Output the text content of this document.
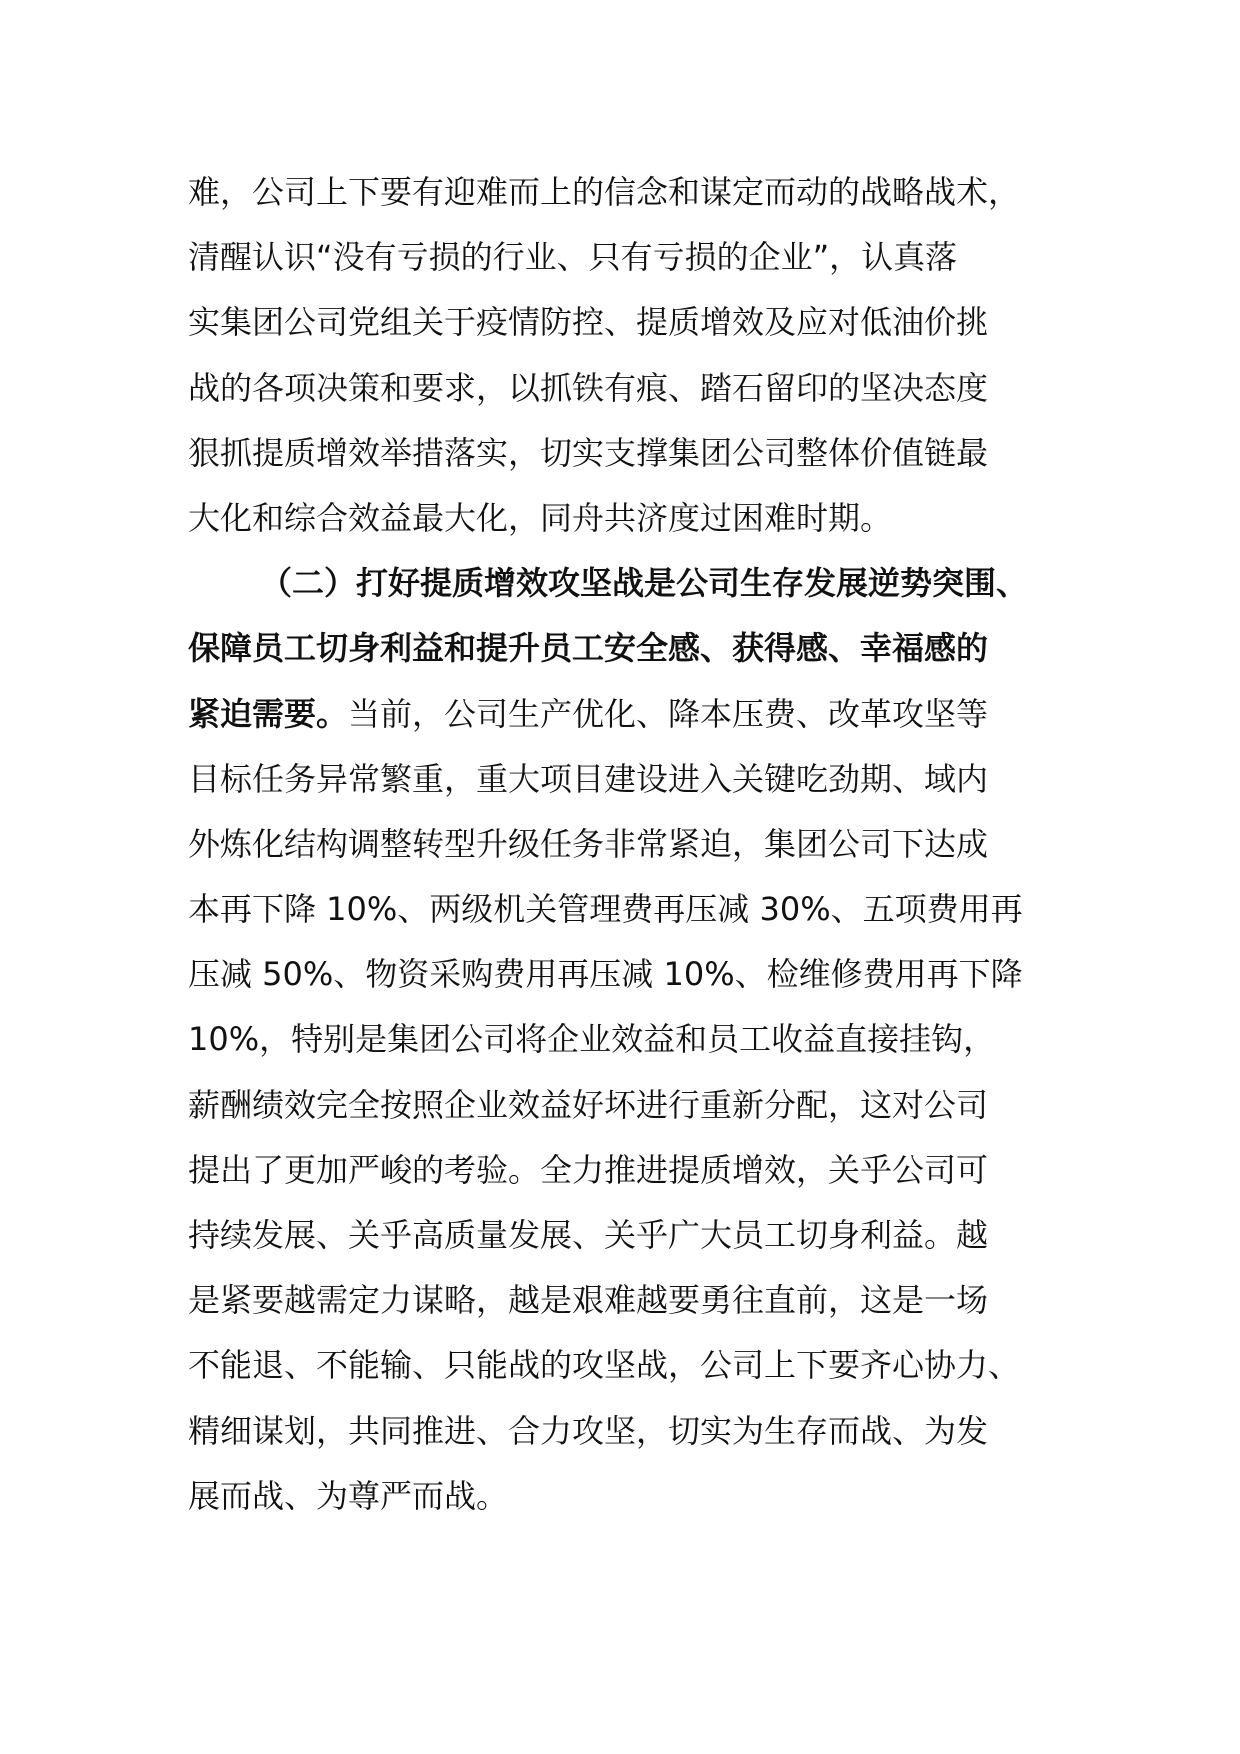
难，公司上下要有迎难而上的信念和谋定而动的战略战术，
清醒认识“没有亏损的行业、只有亏损的企业”，认真落
实集团公司党组关于疫情防控、提质增效及应对低油价挑
战的各项决策和要求，以抓铁有痕、踏石留印的坚决态度
狠抓提质增效举措落实，切实支撑集团公司整体价值链最
大化和综合效益最大化，同舟共济度过困难时期。
（二）打好提质增效攻坚战是公司生存发展逆势突围、
保障员工切身利益和提升员工安全感、获得感、幸福感的
紧迫需要。当前，公司生产优化、降本压费、改革攻坚等
目标任务异常繁重，重大项目建设进入关键吃劲期、域内
外炼化结构调整转型升级任务非常紧迫，集团公司下达成
本再下降 10%、两级机关管理费再压减 30%、五项费用再
压减 50%、物资采购费用再压减 10%、检维修费用再下降
10%，特别是集团公司将企业效益和员工收益直接挂钩，
薪酬绩效完全按照企业效益好坏进行重新分配，这对公司
提出了更加严峻的考验。全力推进提质增效，关乎公司可
持续发展、关乎高质量发展、关乎广大员工切身利益。越
是紧要越需定力谋略，越是艰难越要勇往直前，这是一场
不能退、不能输、只能战的攻坚战，公司上下要齐心协力、
精细谋划，共同推进、合力攻坚，切实为生存而战、为发
展而战、为尊严而战。
